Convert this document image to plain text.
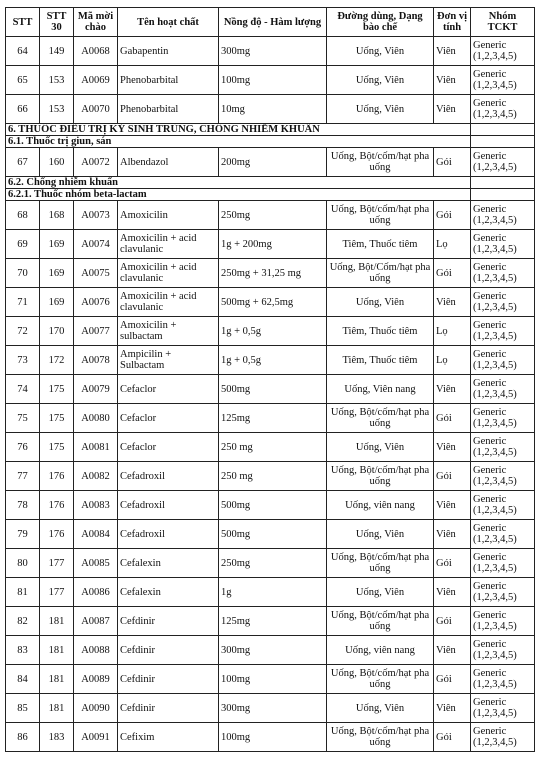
STT	STT 30	Mã mời chào	Tên hoạt chất	Nồng độ - Hàm lượng	Đường dùng, Dạng bào chế	Đơn vị tính	Nhóm TCKT
64	149	A0068	Gabapentin	300mg	Uống, Viên	Viên	Generic (1,2,3,4,5)
65	153	A0069	Phenobarbital	100mg	Uống, Viên	Viên	Generic (1,2,3,4,5)
66	153	A0070	Phenobarbital	10mg	Uống, Viên	Viên	Generic (1,2,3,4,5)
6. THUỐC ĐIỀU TRỊ KÝ SINH TRÙNG, CHỐNG NHIỄM KHUẨN							
6.1. Thuốc trị giun, sán							
67	160	A0072	Albendazol	200mg	Uống, Bột/cốm/hạt pha uống	Gói	Generic (1,2,3,4,5)
6.2. Chống nhiễm khuẩn							
6.2.1. Thuốc nhóm beta-lactam							
68	168	A0073	Amoxicilin	250mg	Uống, Bột/cốm/hạt pha uống	Gói	Generic (1,2,3,4,5)
69	169	A0074	Amoxicilin + acid clavulanic	1g + 200mg	Tiêm, Thuốc tiêm	Lọ	Generic (1,2,3,4,5)
70	169	A0075	Amoxicilin + acid clavulanic	250mg + 31,25 mg	Uống, Bột/Cốm/hạt pha uống	Gói	Generic (1,2,3,4,5)
71	169	A0076	Amoxicilin + acid clavulanic	500mg + 62,5mg	Uống, Viên	Viên	Generic (1,2,3,4,5)
72	170	A0077	Amoxicilin + sulbactam	1g + 0,5g	Tiêm, Thuốc tiêm	Lọ	Generic (1,2,3,4,5)
73	172	A0078	Ampicilin + Sulbactam	1g + 0,5g	Tiêm, Thuốc tiêm	Lọ	Generic (1,2,3,4,5)
74	175	A0079	Cefaclor	500mg	Uống, Viên nang	Viên	Generic (1,2,3,4,5)
75	175	A0080	Cefaclor	125mg	Uống, Bột/cốm/hạt pha uống	Gói	Generic (1,2,3,4,5)
76	175	A0081	Cefaclor	250 mg	Uống, Viên	Viên	Generic (1,2,3,4,5)
77	176	A0082	Cefadroxil	250 mg	Uống, Bột/cốm/hạt pha uống	Gói	Generic (1,2,3,4,5)
78	176	A0083	Cefadroxil	500mg	Uống, viên nang	Viên	Generic (1,2,3,4,5)
79	176	A0084	Cefadroxil	500mg	Uống, Viên	Viên	Generic (1,2,3,4,5)
80	177	A0085	Cefalexin	250mg	Uống, Bột/cốm/hạt pha uống	Gói	Generic (1,2,3,4,5)
81	177	A0086	Cefalexin	1g	Uống, Viên	Viên	Generic (1,2,3,4,5)
82	181	A0087	Cefdinir	125mg	Uống, Bột/cốm/hạt pha uống	Gói	Generic (1,2,3,4,5)
83	181	A0088	Cefdinir	300mg	Uống, viên nang	Viên	Generic (1,2,3,4,5)
84	181	A0089	Cefdinir	100mg	Uống, Bột/cốm/hạt pha uống	Gói	Generic (1,2,3,4,5)
85	181	A0090	Cefdinir	300mg	Uống, Viên	Viên	Generic (1,2,3,4,5)
86	183	A0091	Cefixim	100mg	Uống, Bột/cốm/hạt pha uống	Gói	Generic (1,2,3,4,5)
